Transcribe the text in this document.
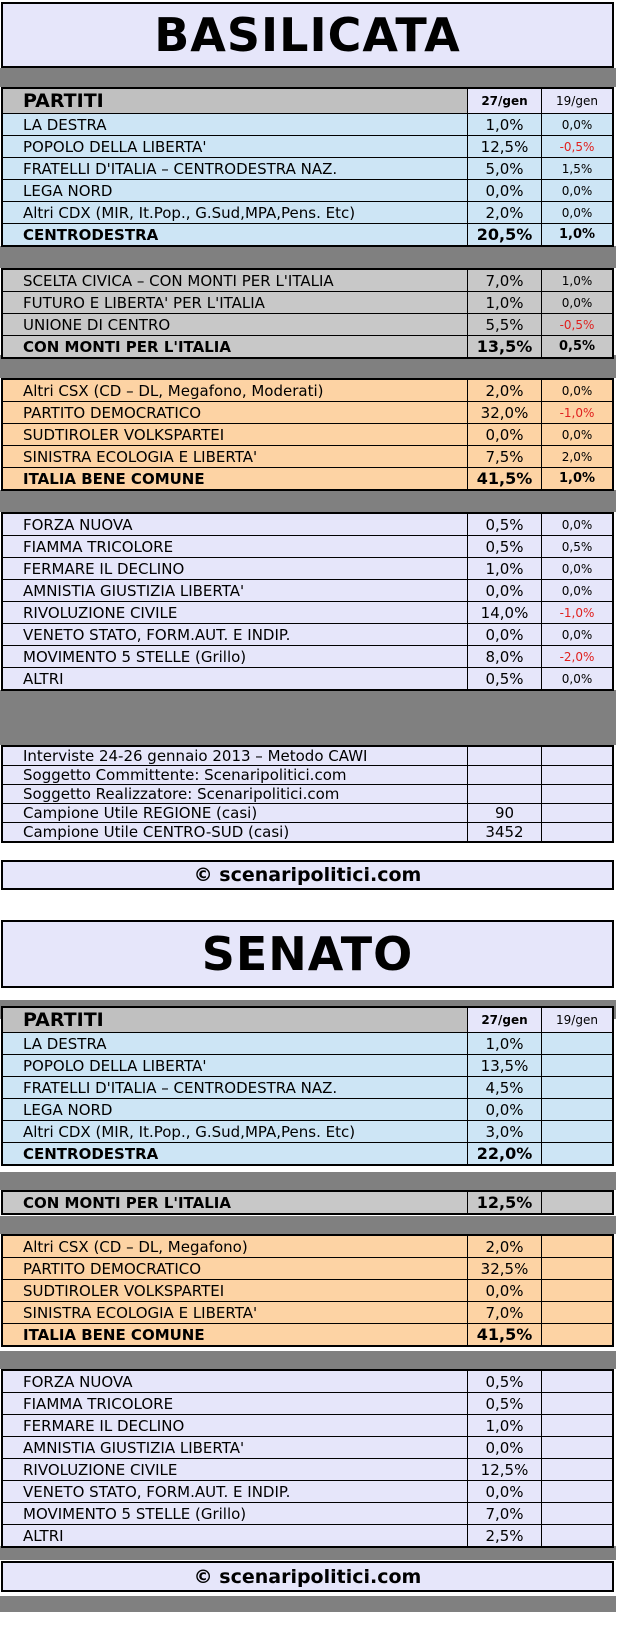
BASILICATA
PARTITI	27/gen	19/gen
LA DESTRA	1,0%	0,0%
POPOLO DELLA LIBERTA'	12,5%	-0,5%
FRATELLI D'ITALIA – CENTRODESTRA NAZ.	5,0%	1,5%
LEGA NORD	0,0%	0,0%
Altri CDX (MIR, It.Pop., G.Sud,MPA,Pens. Etc)	2,0%	0,0%
CENTRODESTRA	20,5%	1,0%
SCELTA CIVICA – CON MONTI PER L'ITALIA	7,0%	1,0%
FUTURO E LIBERTA' PER L'ITALIA	1,0%	0,0%
UNIONE DI CENTRO	5,5%	-0,5%
CON MONTI PER L'ITALIA	13,5%	0,5%
Altri CSX (CD – DL, Megafono, Moderati)	2,0%	0,0%
PARTITO DEMOCRATICO	32,0%	-1,0%
SUDTIROLER VOLKSPARTEI	0,0%	0,0%
SINISTRA ECOLOGIA E LIBERTA'	7,5%	2,0%
ITALIA BENE COMUNE	41,5%	1,0%
FORZA NUOVA	0,5%	0,0%
FIAMMA TRICOLORE	0,5%	0,5%
FERMARE IL DECLINO	1,0%	0,0%
AMNISTIA GIUSTIZIA LIBERTA'	0,0%	0,0%
RIVOLUZIONE CIVILE	14,0%	-1,0%
VENETO STATO, FORM.AUT. E INDIP.	0,0%	0,0%
MOVIMENTO 5 STELLE (Grillo)	8,0%	-2,0%
ALTRI	0,5%	0,0%
Interviste 24-26 gennaio 2013 – Metodo CAWI		
Soggetto Committente: Scenaripolitici.com		
Soggetto Realizzatore: Scenaripolitici.com		
Campione Utile REGIONE (casi)	90	
Campione Utile CENTRO-SUD (casi)	3452	
© scenaripolitici.com
SENATO
PARTITI	27/gen	19/gen
LA DESTRA	1,0%	
POPOLO DELLA LIBERTA'	13,5%	
FRATELLI D'ITALIA – CENTRODESTRA NAZ.	4,5%	
LEGA NORD	0,0%	
Altri CDX (MIR, It.Pop., G.Sud,MPA,Pens. Etc)	3,0%	
CENTRODESTRA	22,0%	
CON MONTI PER L'ITALIA	12,5%	
Altri CSX (CD – DL, Megafono)	2,0%	
PARTITO DEMOCRATICO	32,5%	
SUDTIROLER VOLKSPARTEI	0,0%	
SINISTRA ECOLOGIA E LIBERTA'	7,0%	
ITALIA BENE COMUNE	41,5%	
FORZA NUOVA	0,5%	
FIAMMA TRICOLORE	0,5%	
FERMARE IL DECLINO	1,0%	
AMNISTIA GIUSTIZIA LIBERTA'	0,0%	
RIVOLUZIONE CIVILE	12,5%	
VENETO STATO, FORM.AUT. E INDIP.	0,0%	
MOVIMENTO 5 STELLE (Grillo)	7,0%	
ALTRI	2,5%	
© scenaripolitici.com
